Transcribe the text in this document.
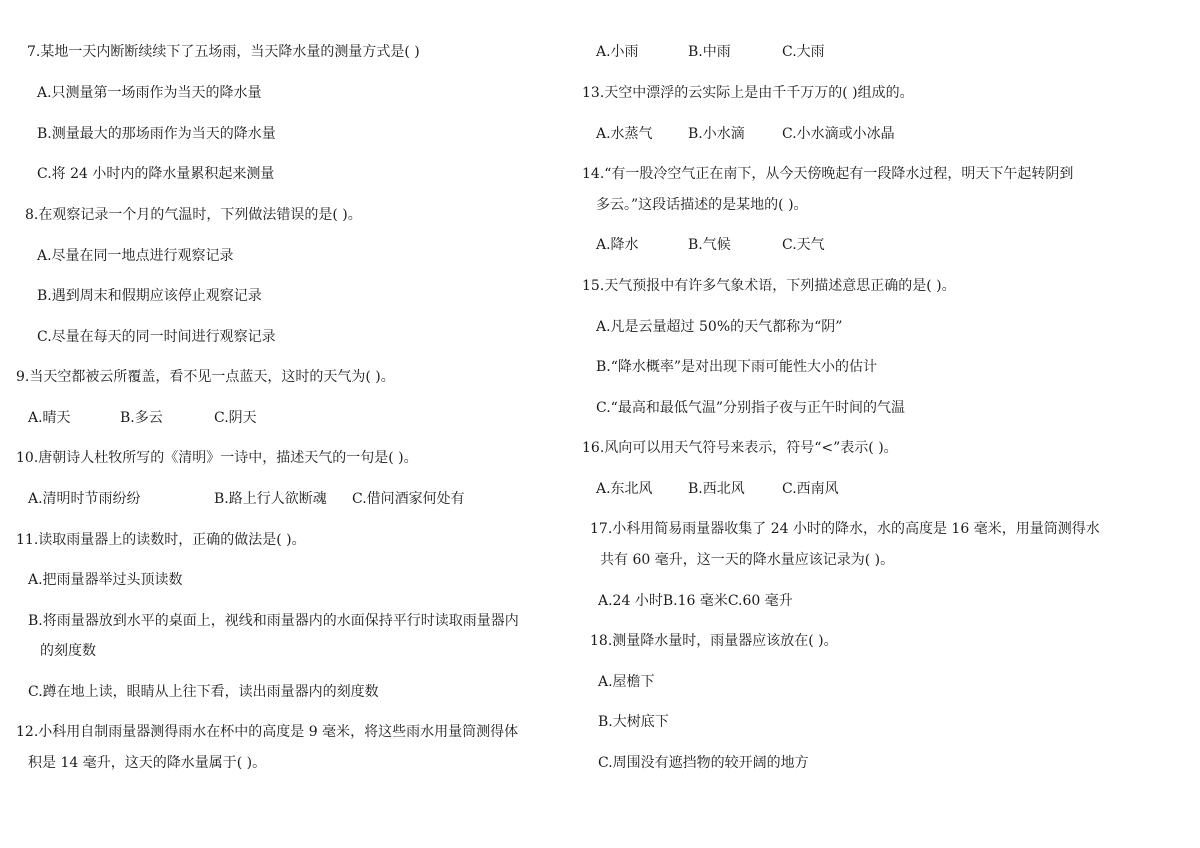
7.某地一天内断断续续下了五场雨，当天降水量的测量方式是( )
A.只测量第一场雨作为当天的降水量
B.测量最大的那场雨作为当天的降水量
C.将 24 小时内的降水量累积起来测量
8.在观察记录一个月的气温时，下列做法错误的是( )。
A.尽量在同一地点进行观察记录
B.遇到周末和假期应该停止观察记录
C.尽量在每天的同一时间进行观察记录
9.当天空都被云所覆盖，看不见一点蓝天，这时的天气为( )。
A.晴天	B.多云	C.阴天
10.唐朝诗人杜牧所写的《清明》一诗中，描述天气的一句是( )。
A.清明时节雨纷纷	B.路上行人欲断魂 C.借问酒家何处有
11.读取雨量器上的读数时，正确的做法是( )。
A.把雨量器举过头顶读数
B.将雨量器放到水平的桌面上，视线和雨量器内的水面保持平行时读取雨量器内
的刻度数
C.蹲在地上读，眼睛从上往下看，读出雨量器内的刻度数
12.小科用自制雨量器测得雨水在杯中的高度是 9 毫米，将这些雨水用量筒测得体
积是 14 毫升，这天的降水量属于( )。
A.小雨	B.中雨	C.大雨
13.天空中漂浮的云实际上是由千千万万的( )组成的。
A.水蒸气	B.小水滴	C.小水滴或小冰晶
14.“有一股冷空气正在南下，从今天傍晚起有一段降水过程，明天下午起转阴到
多云。”这段话描述的是某地的( )。
A.降水	B.气候	C.天气
15.天气预报中有许多气象术语，下列描述意思正确的是( )。
A.凡是云量超过 50%的天气都称为“阴”
B.“降水概率”是对出现下雨可能性大小的估计
C.“最高和最低气温”分别指子夜与正午时间的气温
16.风向可以用天气符号来表示，符号“<”表示( )。
A.东北风	B.西北风	C.西南风
17.小科用简易雨量器收集了 24 小时的降水，水的高度是 16 毫米，用量筒测得水
共有 60 毫升，这一天的降水量应该记录为( )。
A.24 小时B.16 毫米C.60 毫升
18.测量降水量时，雨量器应该放在( )。
A.屋檐下
B.大树底下
C.周围没有遮挡物的较开阔的地方
